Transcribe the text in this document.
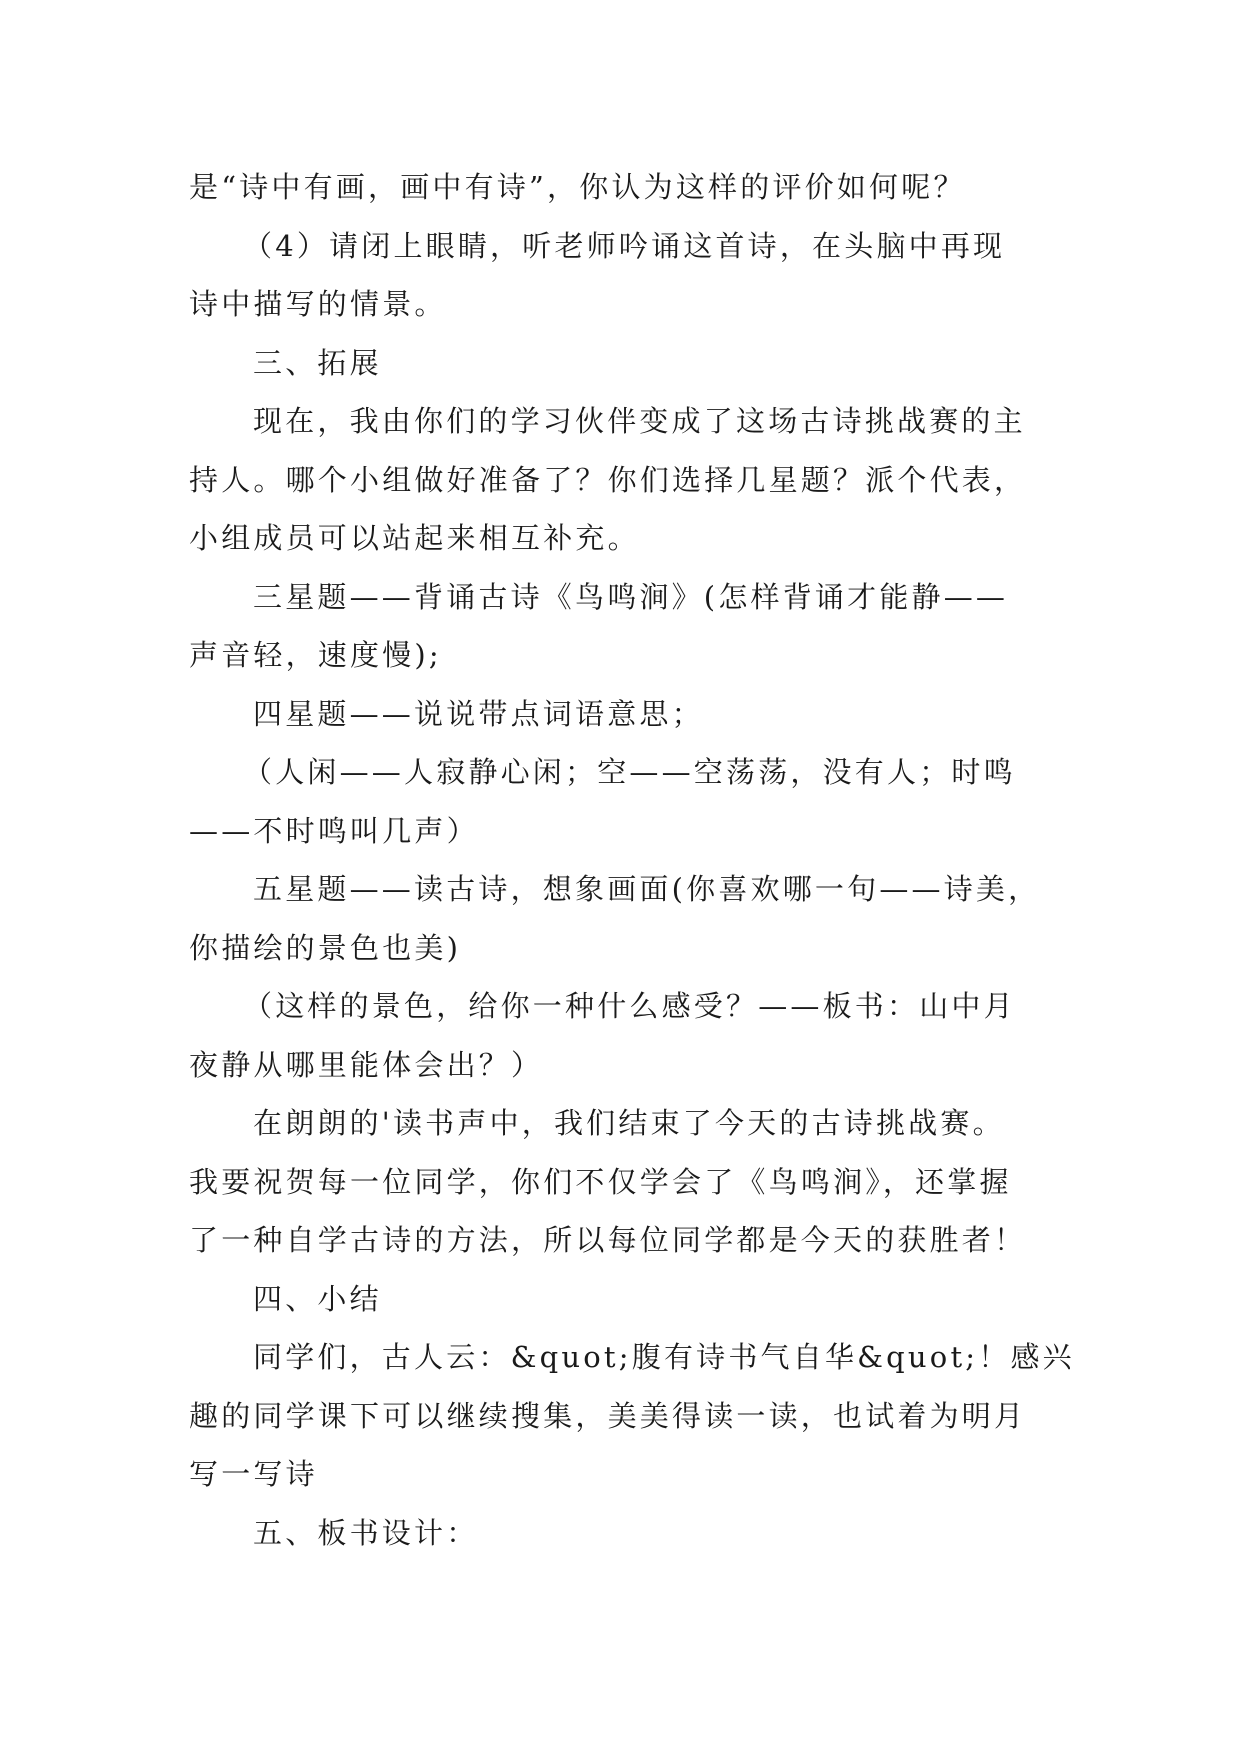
是“诗中有画，画中有诗”，你认为这样的评价如何呢？
（4）请闭上眼睛，听老师吟诵这首诗，在头脑中再现
诗中描写的情景。
三、拓展
现在，我由你们的学习伙伴变成了这场古诗挑战赛的主
持人。哪个小组做好准备了？你们选择几星题？派个代表，
小组成员可以站起来相互补充。
三星题——背诵古诗《鸟鸣涧》(怎样背诵才能静——
声音轻，速度慢);
四星题——说说带点词语意思；
（人闲——人寂静心闲；空——空荡荡，没有人；时鸣
——不时鸣叫几声）
五星题——读古诗，想象画面(你喜欢哪一句——诗美，
你描绘的景色也美)
（这样的景色，给你一种什么感受？——板书：山中月
夜静从哪里能体会出？）
在朗朗的'读书声中，我们结束了今天的古诗挑战赛。
我要祝贺每一位同学，你们不仅学会了《鸟鸣涧》，还掌握
了一种自学古诗的方法，所以每位同学都是今天的获胜者！
四、小结
同学们，古人云：&quot;腹有诗书气自华&quot;！感兴
趣的同学课下可以继续搜集，美美得读一读，也试着为明月
写一写诗
五、板书设计：
